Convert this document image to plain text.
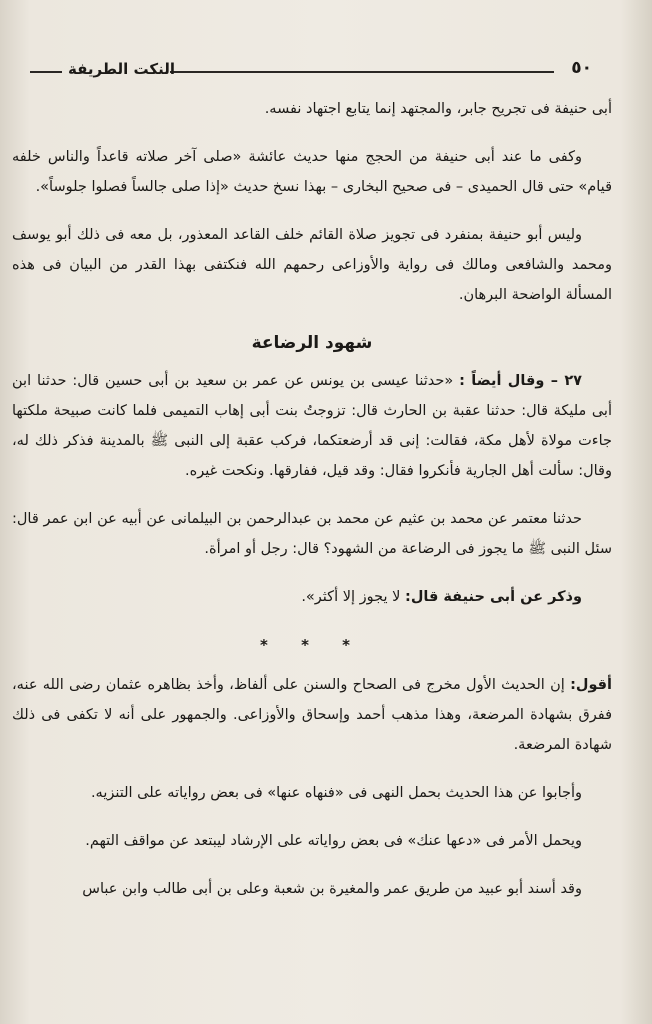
٥٠
النكت الطريفة

أبى حنيفة فى تجريح جابر، والمجتهد إنما يتابع اجتهاد نفسه.

وكفى ما عند أبى حنيفة من الحجج منها حديث عائشة «صلى آخر صلاته قاعداً والناس خلفه قيام» حتى قال الحميدى – فى صحيح البخارى – بهذا نسخ حديث «إذا صلى جالساً فصلوا جلوساً».

وليس أبو حنيفة بمنفرد فى تجويز صلاة القائم خلف القاعد المعذور، بل معه فى ذلك أبو يوسف ومحمد والشافعى ومالك فى رواية والأوزاعى رحمهم الله فنكتفى بهذا القدر من البيان فى هذه المسألة الواضحة البرهان.

شهود الرضاعة

٢٧ – وقال أيضاً : «حدثنا عيسى بن يونس عن عمر بن سعيد بن أبى حسين قال: حدثنا ابن أبى مليكة قال: حدثنا عقبة بن الحارث قال: تزوجتُ بنت أبى إهاب التميمى فلما كانت صبيحة ملكتها جاءت مولاة لأهل مكة، فقالت: إنى قد أرضعتكما، فركب عقبة إلى النبى ﷺ بالمدينة فذكر ذلك له، وقال: سألت أهل الجارية فأنكروا فقال: وقد قيل، ففارقها. ونكحت غيره.

حدثنا معتمر عن محمد بن عثيم عن محمد بن عبدالرحمن بن البيلمانى عن أبيه عن ابن عمر قال: سئل النبى ﷺ ما يجوز فى الرضاعة من الشهود؟ قال: رجل أو امرأة.

وذكر عن أبى حنيفة قال: لا يجوز إلا أكثر».

* * *

أقول: إن الحديث الأول مخرج فى الصحاح والسنن على ألفاظ، وأخذ بظاهره عثمان رضى الله عنه، ففرق بشهادة المرضعة، وهذا مذهب أحمد وإسحاق والأوزاعى. والجمهور على أنه لا تكفى فى ذلك شهادة المرضعة.

وأجابوا عن هذا الحديث بحمل النهى فى «فنهاه عنها» فى بعض رواياته على التنزيه.

ويحمل الأمر فى «دعها عنك» فى بعض رواياته على الإرشاد ليبتعد عن مواقف التهم.

وقد أسند أبو عبيد من طريق عمر والمغيرة بن شعبة وعلى بن أبى طالب وابن عباس
